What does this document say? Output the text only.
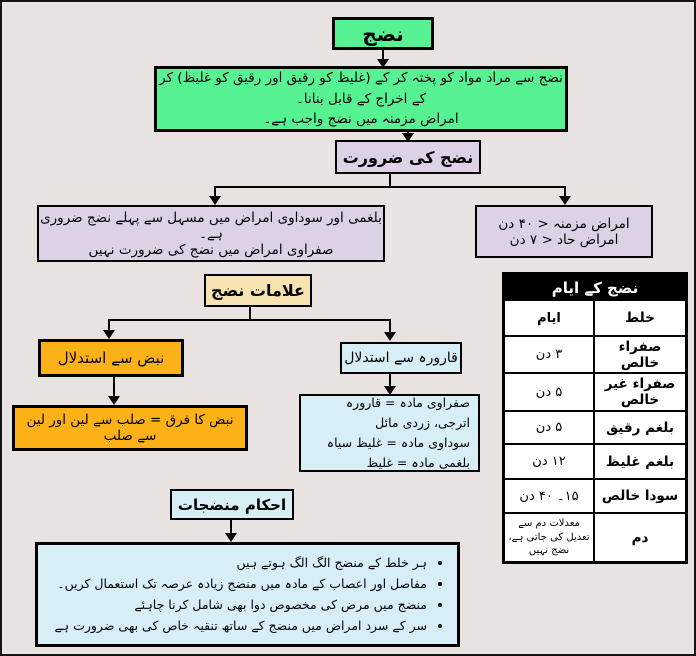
نضج
نضج سے مراد مواد کو پختہ کر کے (غلیظ کو رقیق اور رقیق کو غلیظ) کر کے اخراج کے قابل بنانا۔
امراض مزمنہ میں نضج واجب ہے۔
نضج کی ضرورت
بلغمی اور سوداوی امراض میں مسہل سے پہلے نضج ضروری ہے۔
صفراوی امراض میں نضج کی ضرورت نہیں
امراض مزمنہ < ۴۰ دن
امراض حاد < ۷ دن
علامات نضج
نبض سے استدلال	قارورہ سے استدلال
نبض کا فرق = صلب سے لین اور لین سے صلب
صفراوی مادہ = قارورہ اترجی، زردی مائل
سوداوی مادہ = غلیظ سیاہ
بلغمی مادہ = غلیظ
نضج کے ایام
خلط
ایام
صفراء خالص
۳ دن
صفراء غیر خالص
۵ دن
بلغم رقیق
۵ دن
بلغم غلیظ
۱۲ دن
سودا خالص
۱۵۔ ۴۰ دن
دم
معدلات دم سے تعدیل کی جاتی ہے، نضج نہیں
احکام منضجات
• ہر خلط کے منضج الگ الگ ہوتے ہیں
• مفاصل اور اعصاب کے مادہ میں منضج زیادہ عرصہ تک استعمال کریں۔
• منضج میں مرض کی مخصوص دوا بھی شامل کرنا چاہئے
• سر کے سرد امراض میں منضج کے ساتھ تنقیہ خاص کی بھی ضرورت ہے
